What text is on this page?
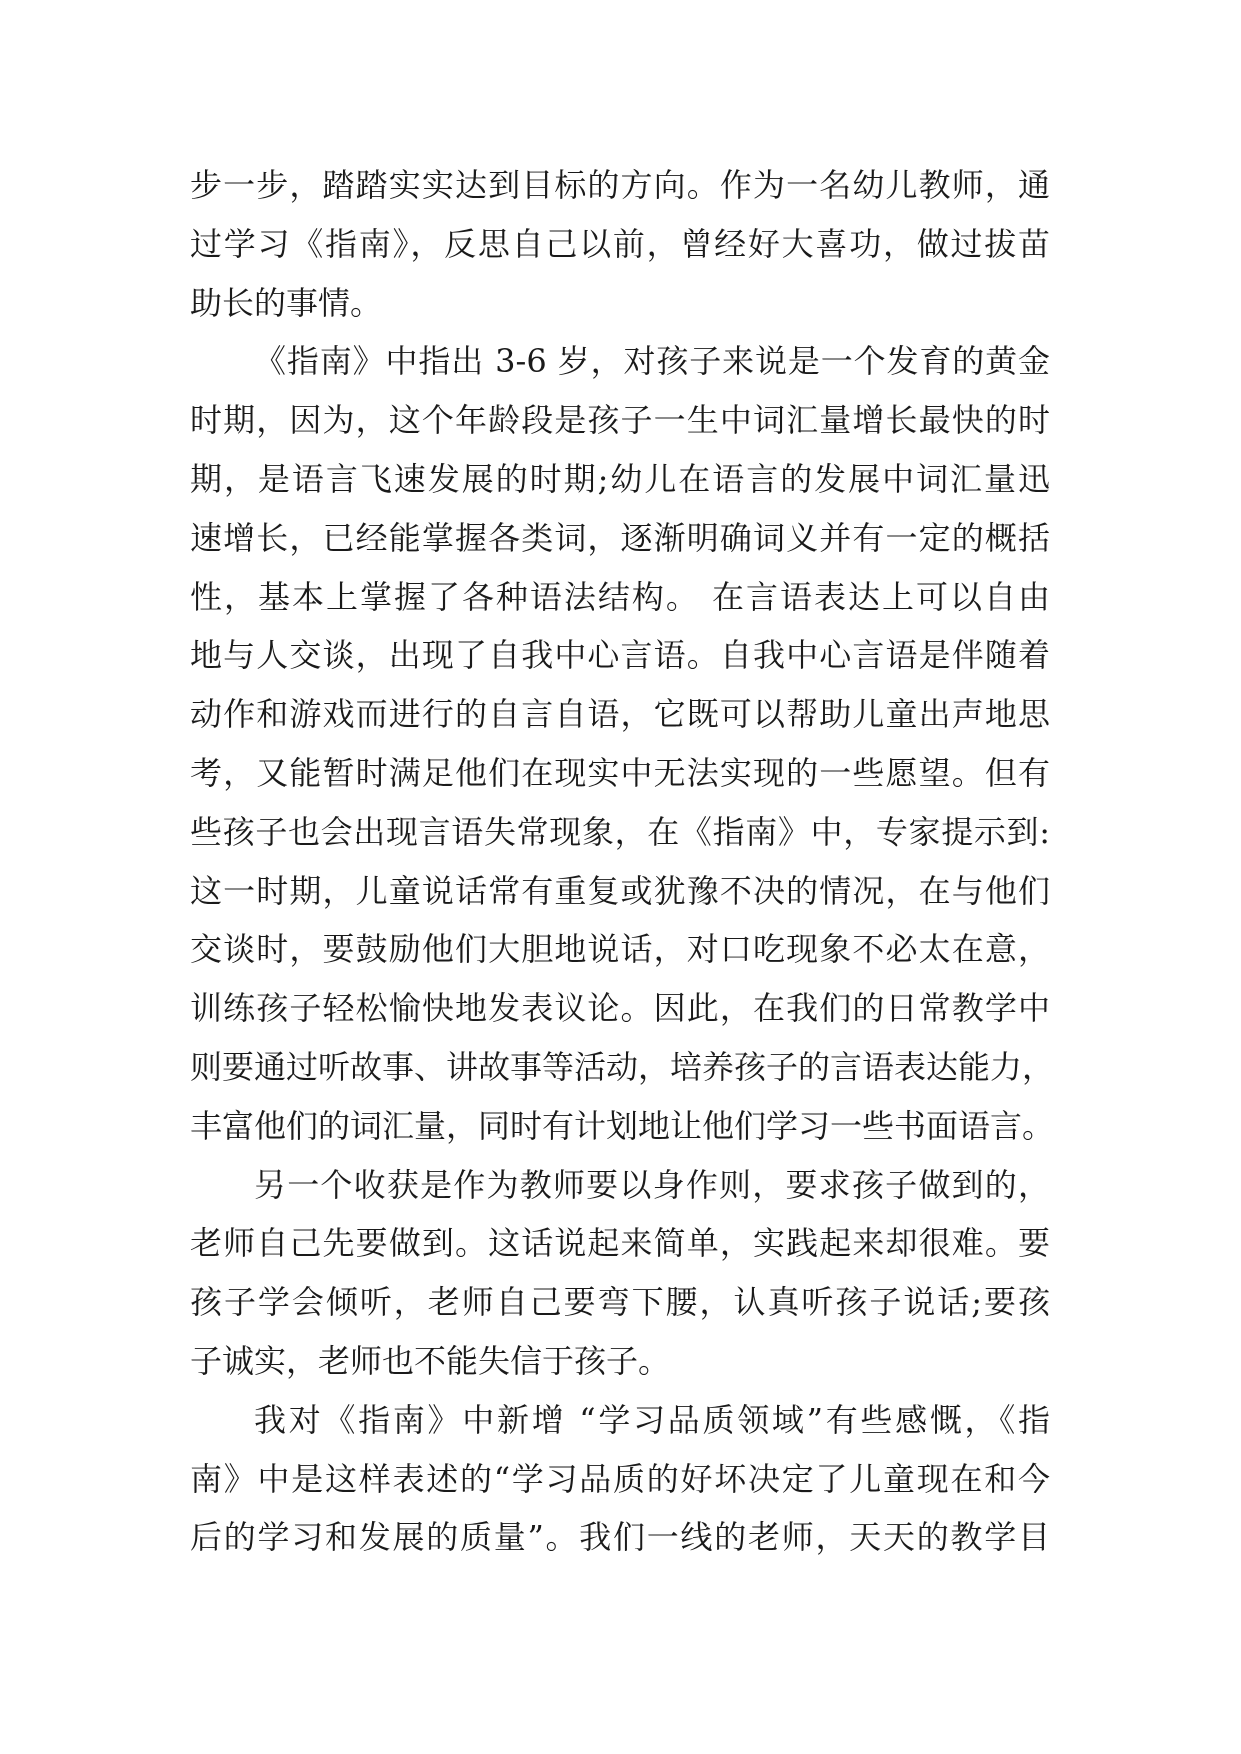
步一步，踏踏实实达到目标的方向。作为一名幼儿教师，通
过学习《指南》，反思自己以前，曾经好大喜功，做过拔苗
助长的事情。
《指南》中指出 3-6 岁，对孩子来说是一个发育的黄金
时期，因为，这个年龄段是孩子一生中词汇量增长最快的时
期，是语言飞速发展的时期;幼儿在语言的发展中词汇量迅
速增长，已经能掌握各类词，逐渐明确词义并有一定的概括
性，基本上掌握了各种语法结构。 在言语表达上可以自由
地与人交谈，出现了自我中心言语。自我中心言语是伴随着
动作和游戏而进行的自言自语，它既可以帮助儿童出声地思
考，又能暂时满足他们在现实中无法实现的一些愿望。但有
些孩子也会出现言语失常现象，在《指南》中，专家提示到:
这一时期，儿童说话常有重复或犹豫不决的情况，在与他们
交谈时，要鼓励他们大胆地说话，对口吃现象不必太在意，
训练孩子轻松愉快地发表议论。因此，在我们的日常教学中
则要通过听故事、讲故事等活动，培养孩子的言语表达能力，
丰富他们的词汇量，同时有计划地让他们学习一些书面语言。
另一个收获是作为教师要以身作则，要求孩子做到的，
老师自己先要做到。这话说起来简单，实践起来却很难。要
孩子学会倾听，老师自己要弯下腰，认真听孩子说话;要孩
子诚实，老师也不能失信于孩子。
我对《指南》中新增 “学习品质领域”有些感慨，《指
南》中是这样表述的“学习品质的好坏决定了儿童现在和今
后的学习和发展的质量”。我们一线的老师，天天的教学目
